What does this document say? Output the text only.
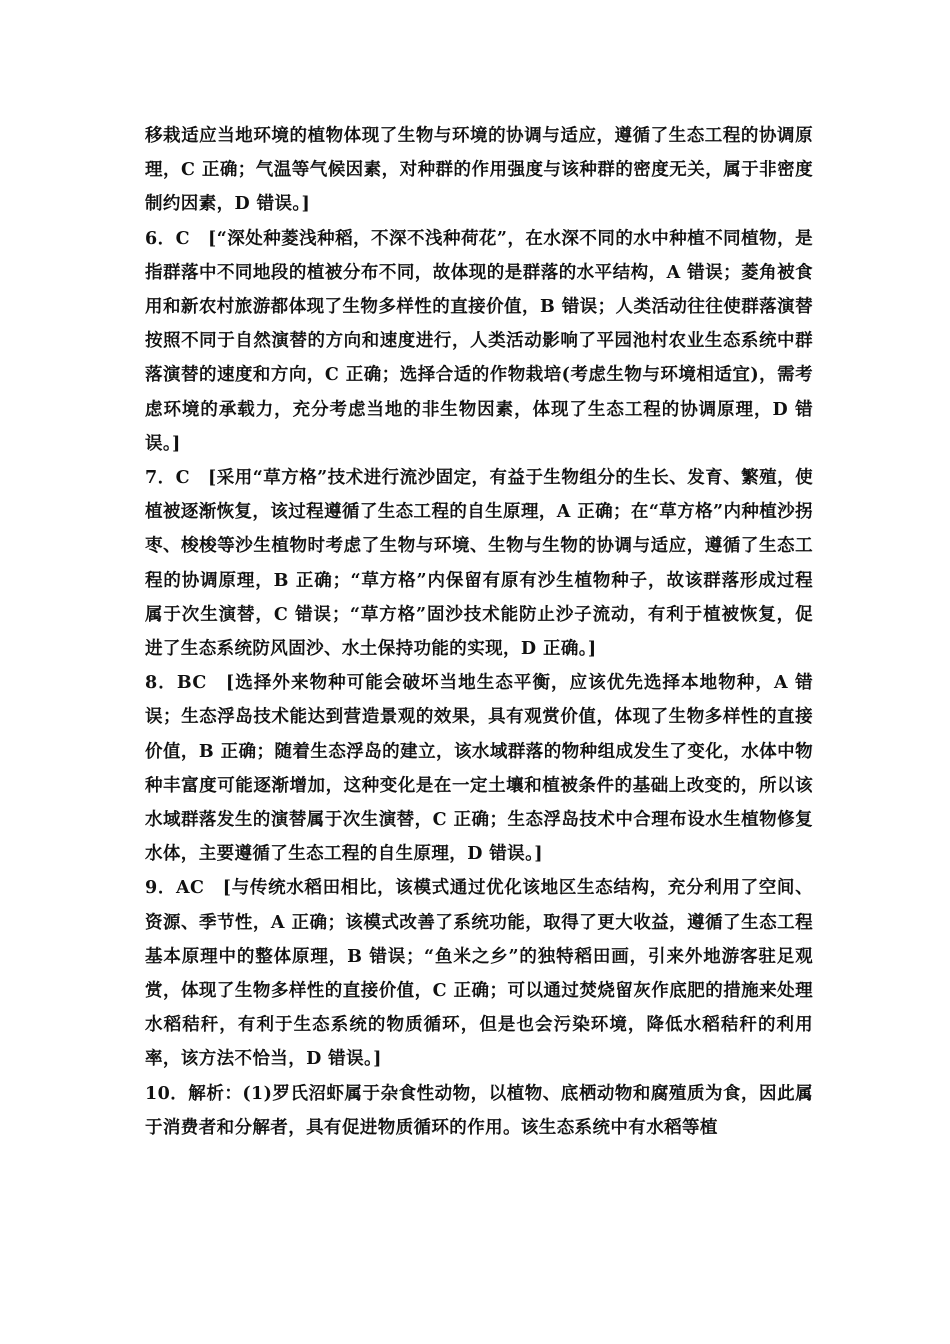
移栽适应当地环境的植物体现了生物与环境的协调与适应，遵循了生态工程的协调原理，C 正确；气温等气候因素，对种群的作用强度与该种群的密度无关，属于非密度制约因素，D 错误。]

6．C　[“深处种菱浅种稻，不深不浅种荷花”，在水深不同的水中种植不同植物，是指群落中不同地段的植被分布不同，故体现的是群落的水平结构，A 错误；菱角被食用和新农村旅游都体现了生物多样性的直接价值，B 错误；人类活动往往使群落演替按照不同于自然演替的方向和速度进行，人类活动影响了平园池村农业生态系统中群落演替的速度和方向，C 正确；选择合适的作物栽培(考虑生物与环境相适宜)，需考虑环境的承载力，充分考虑当地的非生物因素，体现了生态工程的协调原理，D 错误。]

7．C　[采用“草方格”技术进行流沙固定，有益于生物组分的生长、发育、繁殖，使植被逐渐恢复，该过程遵循了生态工程的自生原理，A 正确；在“草方格”内种植沙拐枣、梭梭等沙生植物时考虑了生物与环境、生物与生物的协调与适应，遵循了生态工程的协调原理，B 正确；“草方格”内保留有原有沙生植物种子，故该群落形成过程属于次生演替，C 错误；“草方格”固沙技术能防止沙子流动，有利于植被恢复，促进了生态系统防风固沙、水土保持功能的实现，D 正确。]

8．BC　[选择外来物种可能会破坏当地生态平衡，应该优先选择本地物种，A 错误；生态浮岛技术能达到营造景观的效果，具有观赏价值，体现了生物多样性的直接价值，B 正确；随着生态浮岛的建立，该水域群落的物种组成发生了变化，水体中物种丰富度可能逐渐增加，这种变化是在一定土壤和植被条件的基础上改变的，所以该水域群落发生的演替属于次生演替，C 正确；生态浮岛技术中合理布设水生植物修复水体，主要遵循了生态工程的自生原理，D 错误。]

9．AC　[与传统水稻田相比，该模式通过优化该地区生态结构，充分利用了空间、资源、季节性，A 正确；该模式改善了系统功能，取得了更大收益，遵循了生态工程基本原理中的整体原理，B 错误；“鱼米之乡”的独特稻田画，引来外地游客驻足观赏，体现了生物多样性的直接价值，C 正确；可以通过焚烧留灰作底肥的措施来处理水稻秸秆，有利于生态系统的物质循环，但是也会污染环境，降低水稻秸秆的利用率，该方法不恰当，D 错误。]

10．解析：(1)罗氏沼虾属于杂食性动物，以植物、底栖动物和腐殖质为食，因此属于消费者和分解者，具有促进物质循环的作用。该生态系统中有水稻等植
